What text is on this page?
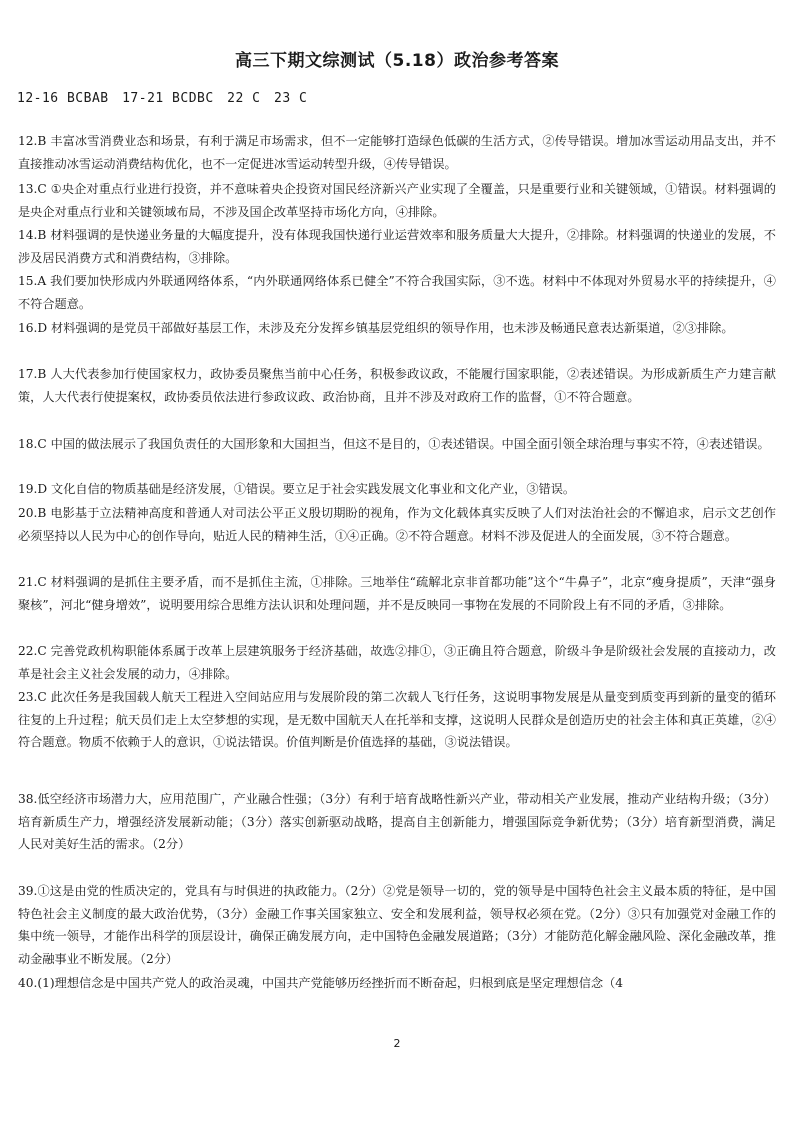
高三下期文综测试（5.18）政治参考答案
12-16 BCBAB　17-21 BCDBC　22 C　23 C
12.B 丰富冰雪消费业态和场景，有利于满足市场需求，但不一定能够打造绿色低碳的生活方式，②传导错误。增加冰雪运动用品支出，并不直接推动冰雪运动消费结构优化，也不一定促进冰雪运动转型升级，④传导错误。
13.C ①央企对重点行业进行投资，并不意味着央企投资对国民经济新兴产业实现了全覆盖，只是重要行业和关键领域，①错误。材料强调的是央企对重点行业和关键领域布局，不涉及国企改革坚持市场化方向，④排除。
14.B 材料强调的是快递业务量的大幅度提升，没有体现我国快递行业运营效率和服务质量大大提升，②排除。材料强调的快递业的发展，不涉及居民消费方式和消费结构，③排除。
15.A 我们要加快形成内外联通网络体系，“内外联通网络体系已健全”不符合我国实际，③不选。材料中不体现对外贸易水平的持续提升，④不符合题意。
16.D 材料强调的是党员干部做好基层工作，未涉及充分发挥乡镇基层党组织的领导作用，也未涉及畅通民意表达新渠道，②③排除。
17.B 人大代表参加行使国家权力，政协委员聚焦当前中心任务，积极参政议政，不能履行国家职能，②表述错误。为形成新质生产力建言献策，人大代表行使提案权，政协委员依法进行参政议政、政治协商，且并不涉及对政府工作的监督，①不符合题意。
18.C 中国的做法展示了我国负责任的大国形象和大国担当，但这不是目的，①表述错误。中国全面引领全球治理与事实不符，④表述错误。
19.D 文化自信的物质基础是经济发展，①错误。要立足于社会实践发展文化事业和文化产业，③错误。
20.B 电影基于立法精神高度和普通人对司法公平正义殷切期盼的视角，作为文化载体真实反映了人们对法治社会的不懈追求，启示文艺创作必须坚持以人民为中心的创作导向，贴近人民的精神生活，①④正确。②不符合题意。材料不涉及促进人的全面发展，③不符合题意。
21.C 材料强调的是抓住主要矛盾，而不是抓住主流，①排除。三地举住“疏解北京非首都功能”这个“牛鼻子”，北京“瘦身提质”，天津“强身聚核”，河北“健身增效”，说明要用综合思维方法认识和处理问题，并不是反映同一事物在发展的不同阶段上有不同的矛盾，③排除。
22.C 完善党政机构职能体系属于改革上层建筑服务于经济基础，故选②排①，③正确且符合题意，阶级斗争是阶级社会发展的直接动力，改革是社会主义社会发展的动力，④排除。
23.C 此次任务是我国载人航天工程进入空间站应用与发展阶段的第二次载人飞行任务，这说明事物发展是从量变到质变再到新的量变的循环往复的上升过程；航天员们走上太空梦想的实现，是无数中国航天人在托举和支撑，这说明人民群众是创造历史的社会主体和真正英雄，②④符合题意。物质不依赖于人的意识，①说法错误。价值判断是价值选择的基础，③说法错误。
38.低空经济市场潜力大，应用范围广，产业融合性强；（3分）有利于培育战略性新兴产业，带动相关产业发展，推动产业结构升级；（3分）培育新质生产力，增强经济发展新动能；（3分）落实创新驱动战略，提高自主创新能力，增强国际竞争新优势；（3分）培育新型消费，满足人民对美好生活的需求。（2分）
39.①这是由党的性质决定的，党具有与时俱进的执政能力。（2分）②党是领导一切的，党的领导是中国特色社会主义最本质的特征，是中国特色社会主义制度的最大政治优势，（3分）金融工作事关国家独立、安全和发展利益，领导权必须在党。（2分）③只有加强党对金融工作的集中统一领导，才能作出科学的顶层设计，确保正确发展方向，走中国特色金融发展道路；（3分）才能防范化解金融风险、深化金融改革，推动金融事业不断发展。（2分）
40.(1)理想信念是中国共产党人的政治灵魂，中国共产党能够历经挫折而不断奋起，归根到底是坚定理想信念（4
2
